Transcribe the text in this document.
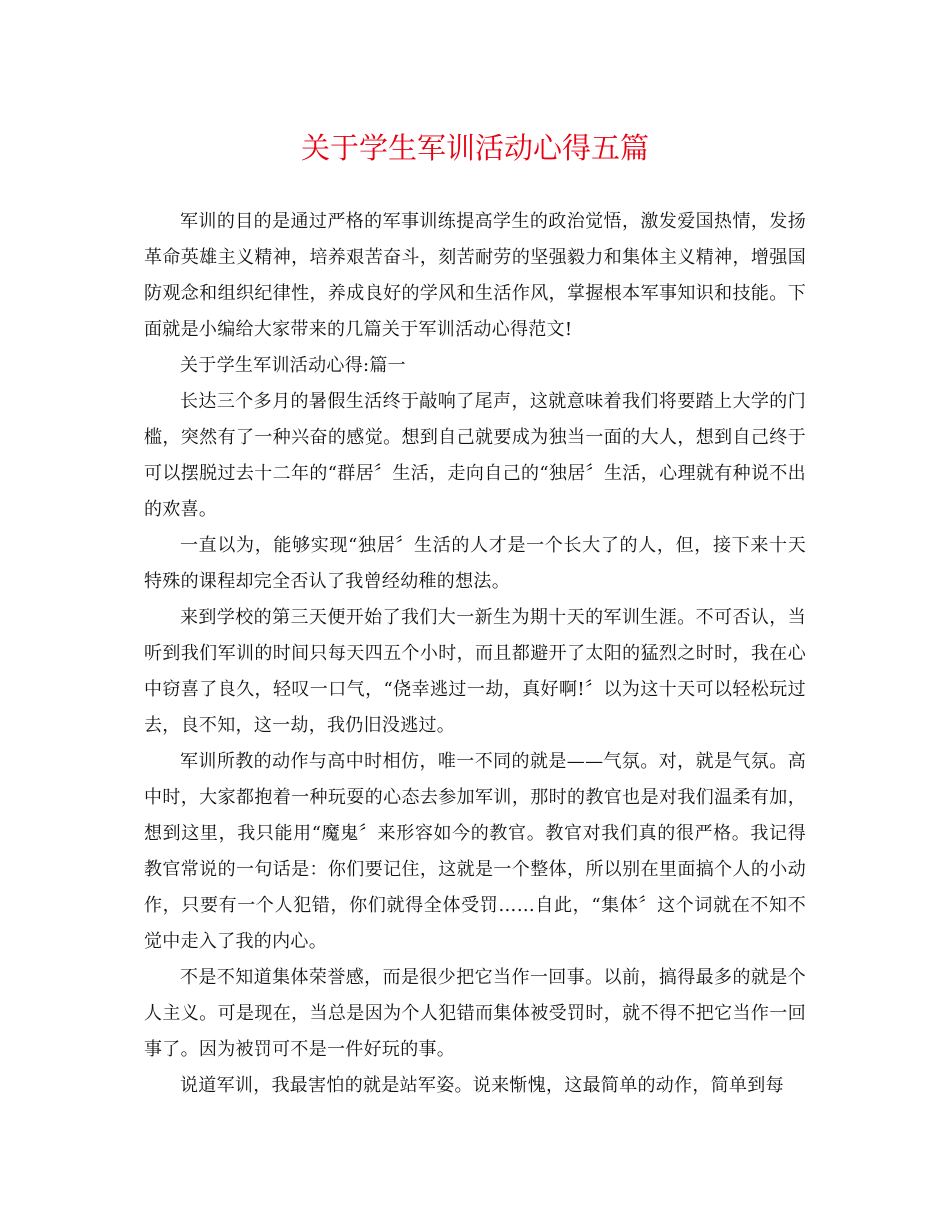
关于学生军训活动心得五篇

军训的目的是通过严格的军事训练提高学生的政治觉悟，激发爱国热情，发扬革命英雄主义精神，培养艰苦奋斗，刻苦耐劳的坚强毅力和集体主义精神，增强国防观念和组织纪律性，养成良好的学风和生活作风，掌握根本军事知识和技能。下面就是小编给大家带来的几篇关于军训活动心得范文!

关于学生军训活动心得:篇一

长达三个多月的暑假生活终于敲响了尾声，这就意味着我们将要踏上大学的门槛，突然有了一种兴奋的感觉。想到自己就要成为独当一面的大人，想到自己终于可以摆脱过去十二年的“群居〞生活，走向自己的“独居〞生活，心理就有种说不出的欢喜。

一直以为，能够实现“独居〞生活的人才是一个长大了的人，但，接下来十天特殊的课程却完全否认了我曾经幼稚的想法。

来到学校的第三天便开始了我们大一新生为期十天的军训生涯。不可否认，当听到我们军训的时间只每天四五个小时，而且都避开了太阳的猛烈之时时，我在心中窃喜了良久，轻叹一口气，“侥幸逃过一劫，真好啊!〞以为这十天可以轻松玩过去，良不知，这一劫，我仍旧没逃过。

军训所教的动作与高中时相仿，唯一不同的就是——气氛。对，就是气氛。高中时，大家都抱着一种玩耍的心态去参加军训，那时的教官也是对我们温柔有加，想到这里，我只能用“魔鬼〞来形容如今的教官。教官对我们真的很严格。我记得教官常说的一句话是：你们要记住，这就是一个整体，所以别在里面搞个人的小动作，只要有一个人犯错，你们就得全体受罚……自此，“集体〞这个词就在不知不觉中走入了我的内心。

不是不知道集体荣誉感，而是很少把它当作一回事。以前，搞得最多的就是个人主义。可是现在，当总是因为个人犯错而集体被受罚时，就不得不把它当作一回事了。因为被罚可不是一件好玩的事。

说道军训，我最害怕的就是站军姿。说来惭愧，这最简单的动作，简单到每
